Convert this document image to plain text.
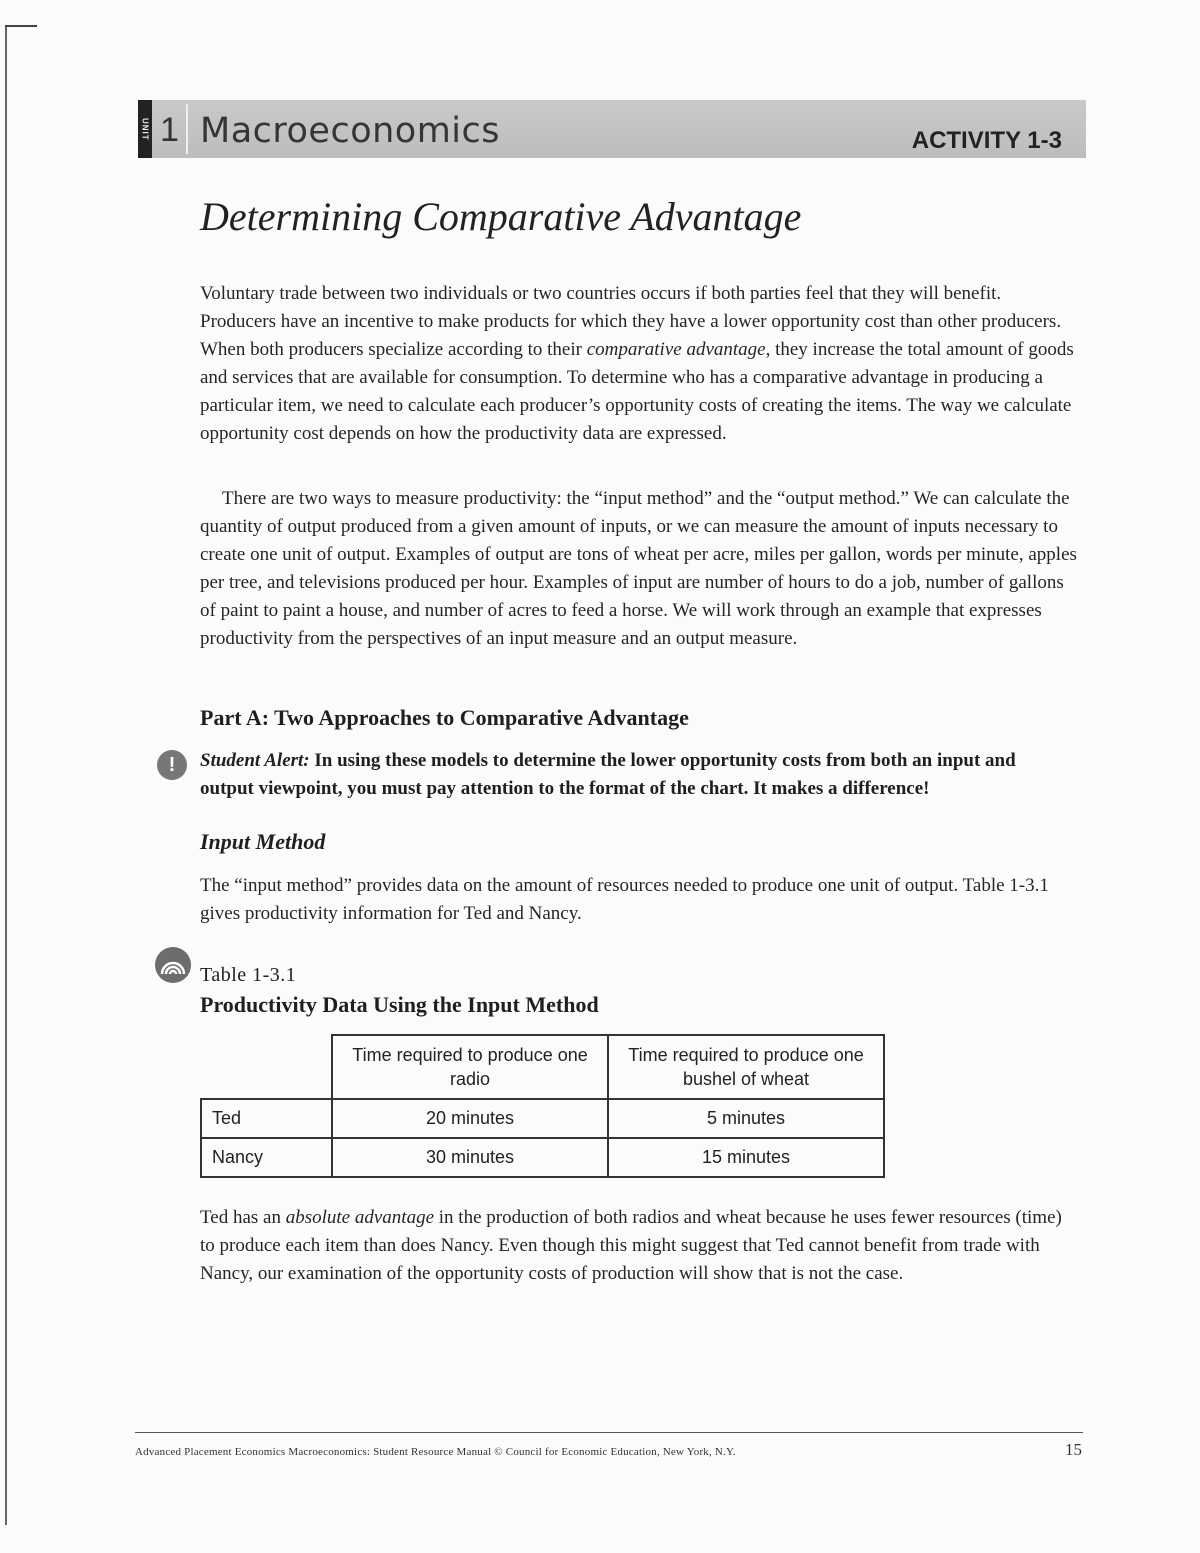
UNIT 1 Macroeconomics	ACTIVITY 1-3
Determining Comparative Advantage

Voluntary trade between two individuals or two countries occurs if both parties feel that they will benefit. Producers have an incentive to make products for which they have a lower opportunity cost than other producers. When both producers specialize according to their comparative advantage, they increase the total amount of goods and services that are available for consumption. To determine who has a comparative advantage in producing a particular item, we need to calculate each producer’s opportunity costs of creating the items. The way we calculate opportunity cost depends on how the productivity data are expressed.

There are two ways to measure productivity: the “input method” and the “output method.” We can calculate the quantity of output produced from a given amount of inputs, or we can measure the amount of inputs necessary to create one unit of output. Examples of output are tons of wheat per acre, miles per gallon, words per minute, apples per tree, and televisions produced per hour. Examples of input are number of hours to do a job, number of gallons of paint to paint a house, and number of acres to feed a horse. We will work through an example that expresses productivity from the perspectives of an input measure and an output measure.

Part A: Two Approaches to Comparative Advantage
!	Student Alert: In using these models to determine the lower opportunity costs from both an input and output viewpoint, you must pay attention to the format of the chart. It makes a difference!

Input Method

The “input method” provides data on the amount of resources needed to produce one unit of output. Table 1-3.1 gives productivity information for Ted and Nancy.

Table 1-3.1
Productivity Data Using the Input Method
	Time required to produce one radio	Time required to produce one bushel of wheat
Ted	20 minutes	5 minutes
Nancy	30 minutes	15 minutes

Ted has an absolute advantage in the production of both radios and wheat because he uses fewer resources (time) to produce each item than does Nancy. Even though this might suggest that Ted cannot benefit from trade with Nancy, our examination of the opportunity costs of production will show that is not the case.

Advanced Placement Economics Macroeconomics: Student Resource Manual © Council for Economic Education, New York, N.Y.	15
